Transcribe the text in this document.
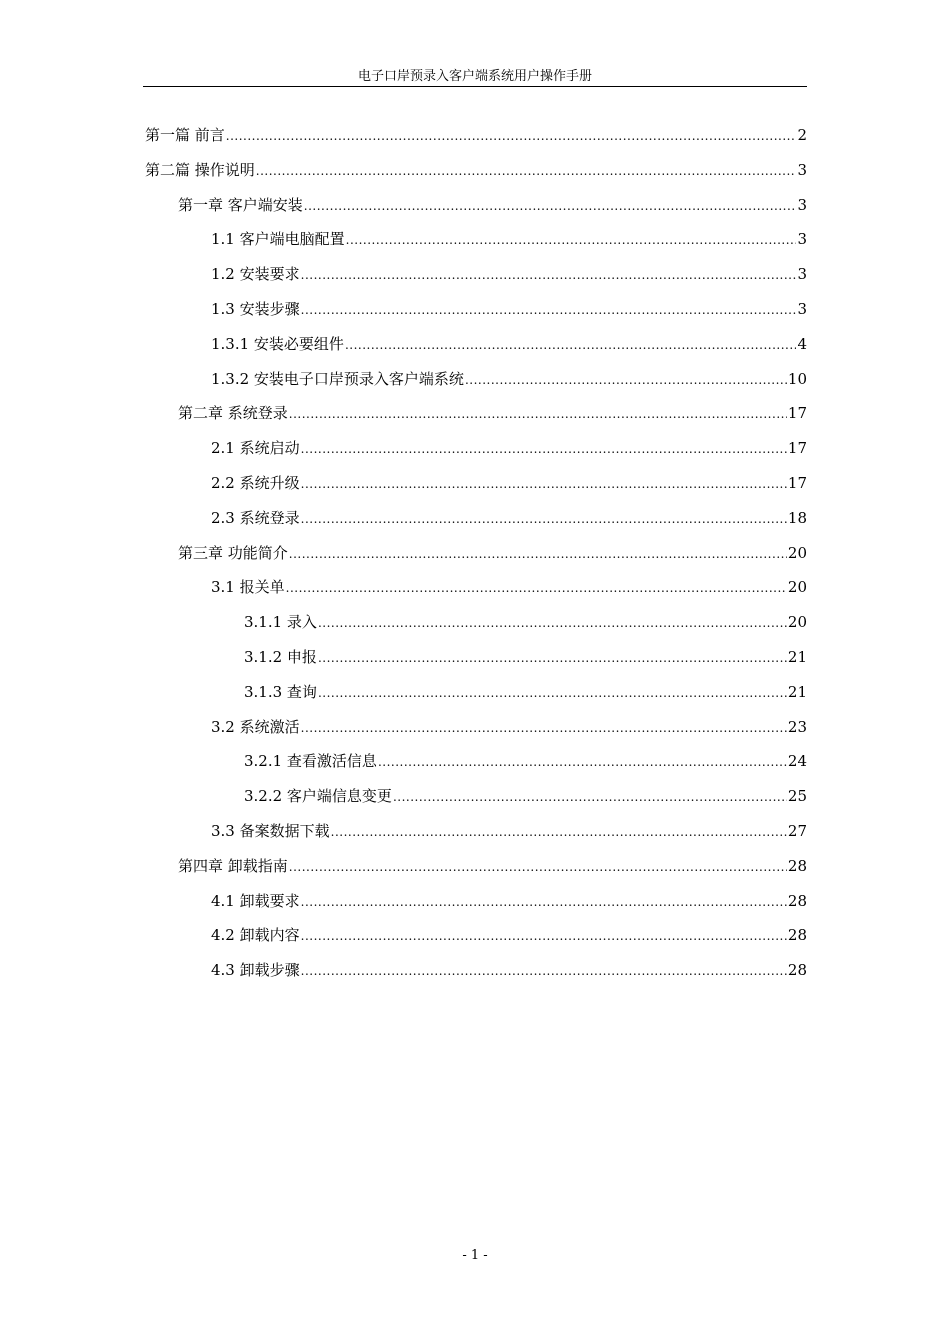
电子口岸预录入客户端系统用户操作手册
第一篇 前言 .....	2
第二篇 操作说明 .....	3
第一章 客户端安装 .....	3
1.1 客户端电脑配置 .....	3
1.2 安装要求 .....	3
1.3 安装步骤 .....	3
1.3.1 安装必要组件 .....	4
1.3.2 安装电子口岸预录入客户端系统 .....	10
第二章 系统登录 .....	17
2.1 系统启动 .....	17
2.2 系统升级 .....	17
2.3 系统登录 .....	18
第三章 功能简介 .....	20
3.1 报关单 .....	20
3.1.1 录入 .....	20
3.1.2 申报 .....	21
3.1.3 查询 .....	21
3.2 系统激活 .....	23
3.2.1 查看激活信息 .....	24
3.2.2 客户端信息变更 .....	25
3.3 备案数据下载 .....	27
第四章 卸载指南 .....	28
4.1 卸载要求 .....	28
4.2 卸载内容 .....	28
4.3 卸载步骤 .....	28
- 1 -
